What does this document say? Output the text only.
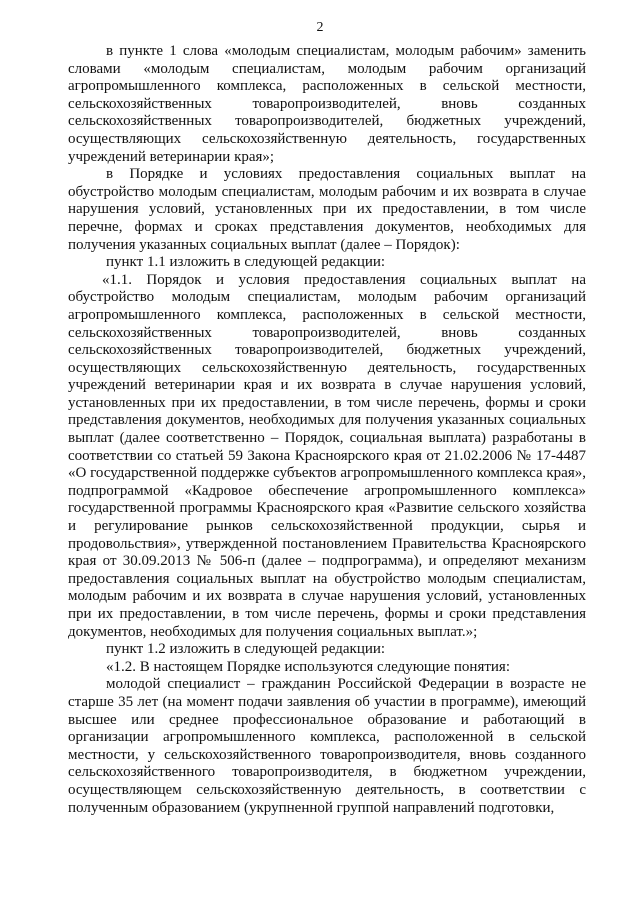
2

в пункте 1 слова «молодым специалистам, молодым рабочим» заменить словами «молодым специалистам, молодым рабочим организаций агропромышленного комплекса, расположенных в сельской местности, сельскохозяйственных товаропроизводителей, вновь созданных сельскохозяйственных товаропроизводителей, бюджетных учреждений, осуществляющих сельскохозяйственную деятельность, государственных учреждений ветеринарии края»;

в Порядке и условиях предоставления социальных выплат на обустройство молодым специалистам, молодым рабочим и их возврата в случае нарушения условий, установленных при их предоставлении, в том числе перечне, формах и сроках представления документов, необходимых для получения указанных социальных выплат (далее – Порядок):

пункт 1.1 изложить в следующей редакции:

«1.1. Порядок и условия предоставления социальных выплат на обустройство молодым специалистам, молодым рабочим организаций агропромышленного комплекса, расположенных в сельской местности, сельскохозяйственных товаропроизводителей, вновь созданных сельскохозяйственных товаропроизводителей, бюджетных учреждений, осуществляющих сельскохозяйственную деятельность, государственных учреждений ветеринарии края и их возврата в случае нарушения условий, установленных при их предоставлении, в том числе перечень, формы и сроки представления документов, необходимых для получения указанных социальных выплат (далее соответственно – Порядок, социальная выплата) разработаны в соответствии со статьей 59 Закона Красноярского края от 21.02.2006 № 17-4487 «О государственной поддержке субъектов агропромышленного комплекса края», подпрограммой «Кадровое обеспечение агропромышленного комплекса» государственной программы Красноярского края «Развитие сельского хозяйства и регулирование рынков сельскохозяйственной продукции, сырья и продовольствия», утвержденной постановлением Правительства Красноярского края от 30.09.2013 № 506-п (далее – подпрограмма), и определяют механизм предоставления социальных выплат на обустройство молодым специалистам, молодым рабочим и их возврата в случае нарушения условий, установленных при их предоставлении, в том числе перечень, формы и сроки представления документов, необходимых для получения социальных выплат.»;

пункт 1.2 изложить в следующей редакции:

«1.2. В настоящем Порядке используются следующие понятия:

молодой специалист – гражданин Российской Федерации в возрасте не старше 35 лет (на момент подачи заявления об участии в программе), имеющий высшее или среднее профессиональное образование и работающий в организации агропромышленного комплекса, расположенной в сельской местности, у сельскохозяйственного товаропроизводителя, вновь созданного сельскохозяйственного товаропроизводителя, в бюджетном учреждении, осуществляющем сельскохозяйственную деятельность, в соответствии с полученным образованием (укрупненной группой направлений подготовки,
